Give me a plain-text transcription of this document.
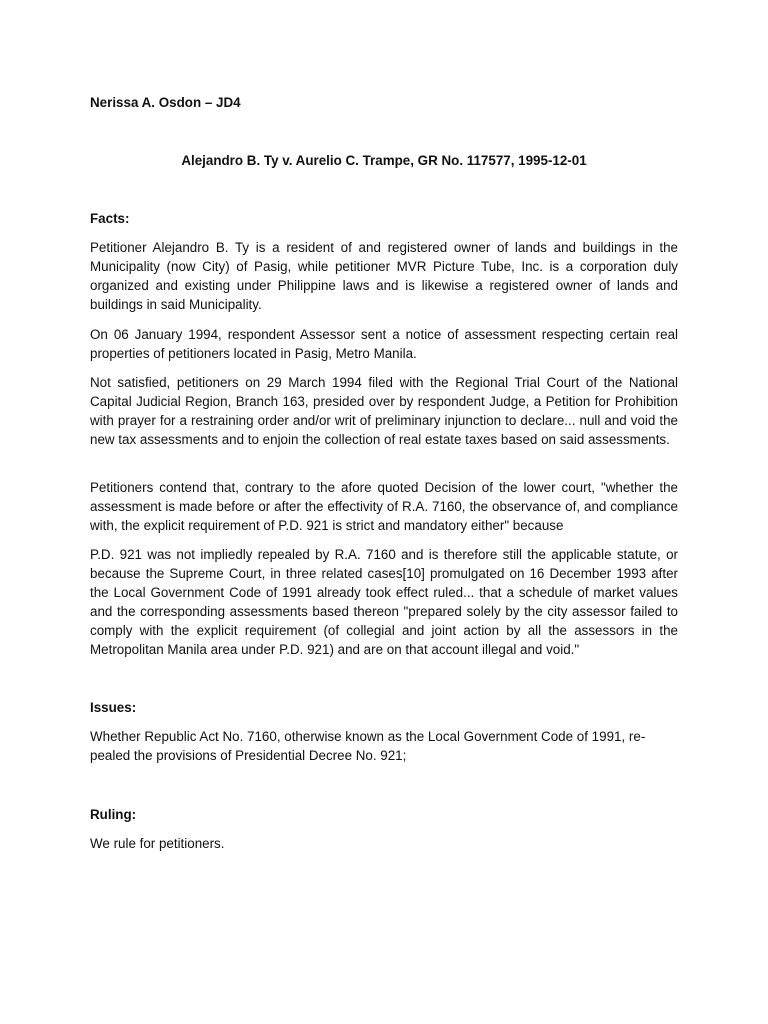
Nerissa A. Osdon – JD4

Alejandro B. Ty v. Aurelio C. Trampe, GR No. 117577, 1995-12-01

Facts:

Petitioner Alejandro B. Ty is a resident of and registered owner of lands and buildings in the Municipality (now City) of Pasig, while petitioner MVR Picture Tube, Inc. is a corporation duly organized and existing under Philippine laws and is likewise a registered owner of lands and buildings in said Municipality.

On 06 January 1994, respondent Assessor sent a notice of assessment respecting certain real properties of petitioners located in Pasig, Metro Manila.

Not satisfied, petitioners on 29 March 1994 filed with the Regional Trial Court of the National Capital Judicial Region, Branch 163, presided over by respondent Judge, a Petition for Prohibition with prayer for a restraining order and/or writ of preliminary injunction to declare... null and void the new tax assessments and to enjoin the collection of real estate taxes based on said assessments.

Petitioners contend that, contrary to the afore quoted Decision of the lower court, "whether the assessment is made before or after the effectivity of R.A. 7160, the observance of, and compliance with, the explicit requirement of P.D. 921 is strict and mandatory either" because

P.D. 921 was not impliedly repealed by R.A. 7160 and is therefore still the applicable statute, or because the Supreme Court, in three related cases[10] promulgated on 16 December 1993 after the Local Government Code of 1991 already took effect ruled... that a schedule of market values and the corresponding assessments based thereon "prepared solely by the city assessor failed to comply with the explicit requirement (of collegial and joint action by all the assessors in the Metropolitan Manila area under P.D. 921) and are on that account illegal and void."

Issues:

Whether Republic Act No. 7160, otherwise known as the Local Government Code of 1991, re-pealed the provisions of Presidential Decree No. 921;

Ruling:

We rule for petitioners.
